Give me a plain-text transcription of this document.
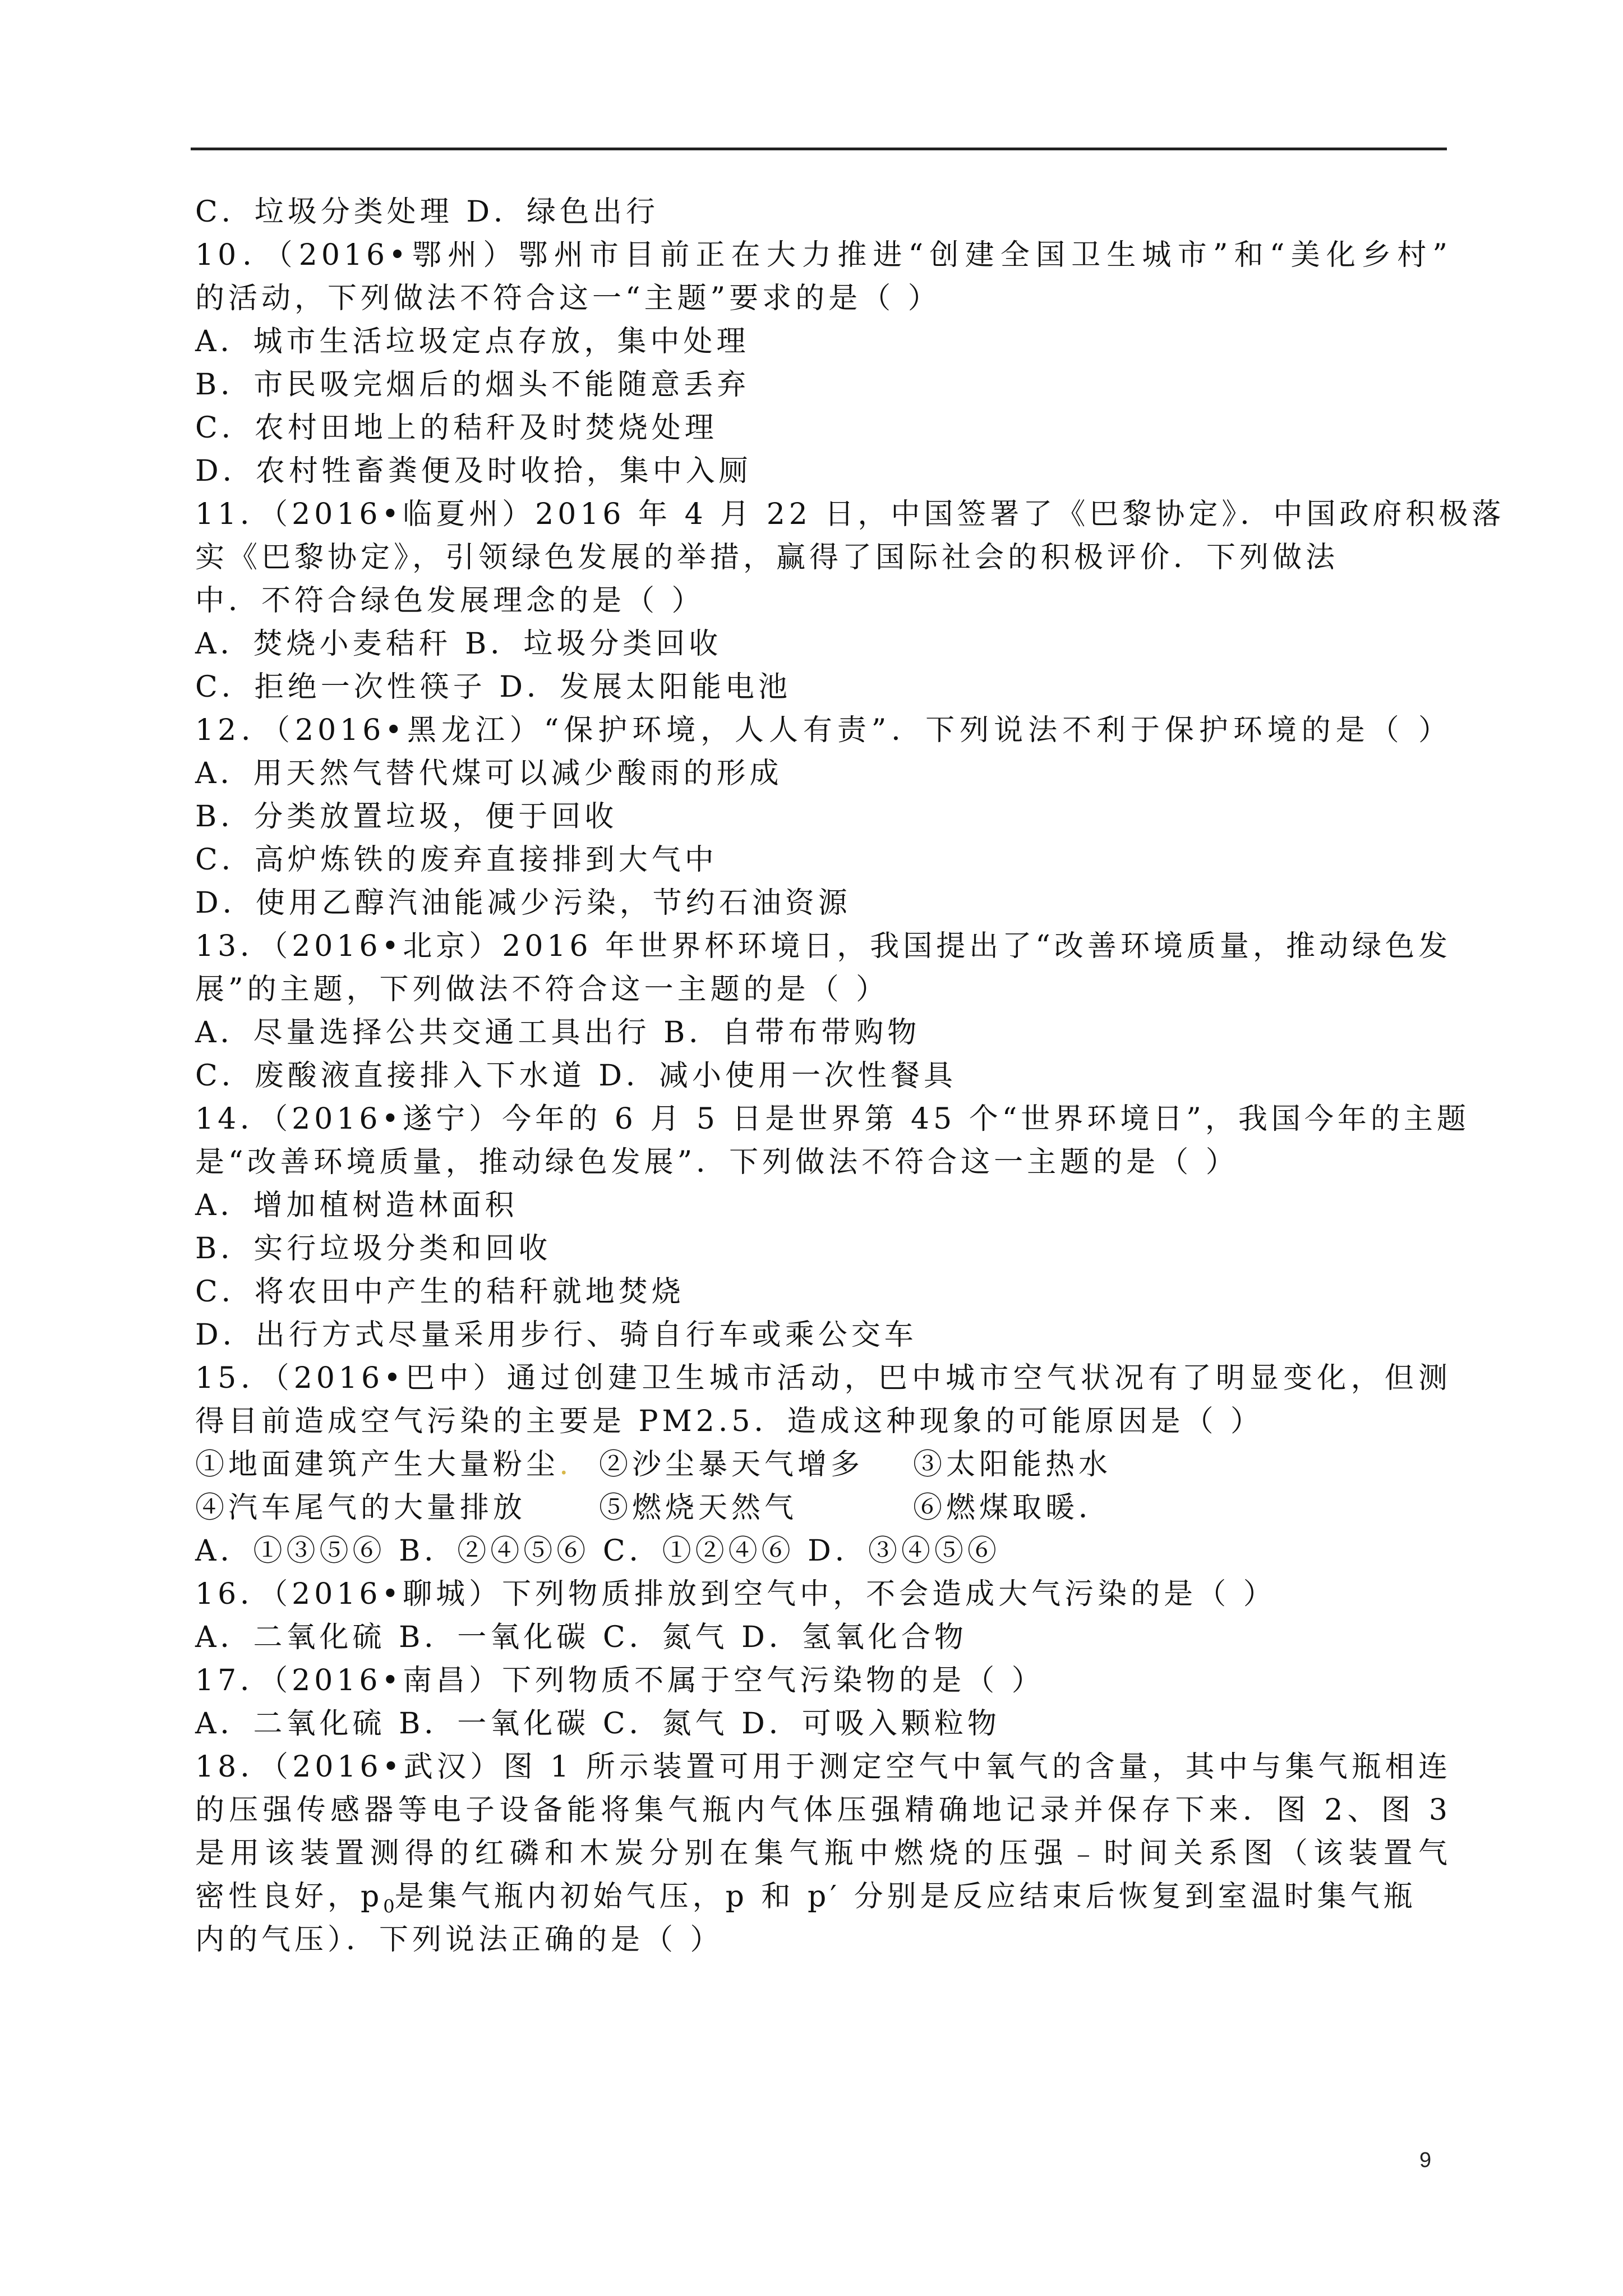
C．垃圾分类处理 D．绿色出行
10．（2016•鄂州）鄂州市目前正在大力推进“创建全国卫生城市”和“美化乡村”
的活动，下列做法不符合这一“主题”要求的是（ ）
A．城市生活垃圾定点存放，集中处理
B．市民吸完烟后的烟头不能随意丢弃
C．农村田地上的秸秆及时焚烧处理
D．农村牲畜粪便及时收拾，集中入厕
11．（2016•临夏州）2016 年 4 月 22 日，中国签署了《巴黎协定》．中国政府积极落
实《巴黎协定》，引领绿色发展的举措，赢得了国际社会的积极评价．下列做法
中．不符合绿色发展理念的是（ ）
A．焚烧小麦秸秆 B．垃圾分类回收
C．拒绝一次性筷子 D．发展太阳能电池
12．（2016•黑龙江）“保护环境，人人有责”．下列说法不利于保护环境的是（ ）
A．用天然气替代煤可以减少酸雨的形成
B．分类放置垃圾，便于回收
C．高炉炼铁的废弃直接排到大气中
D．使用乙醇汽油能减少污染，节约石油资源
13．（2016•北京）2016 年世界杯环境日，我国提出了“改善环境质量，推动绿色发
展”的主题，下列做法不符合这一主题的是（ ）
A．尽量选择公共交通工具出行 B．自带布带购物
C．废酸液直接排入下水道 D．减小使用一次性餐具
14．（2016•遂宁）今年的 6 月 5 日是世界第 45 个“世界环境日”，我国今年的主题
是“改善环境质量，推动绿色发展”．下列做法不符合这一主题的是（ ）
A．增加植树造林面积
B．实行垃圾分类和回收
C．将农田中产生的秸秆就地焚烧
D．出行方式尽量采用步行、骑自行车或乘公交车
15．（2016•巴中）通过创建卫生城市活动，巴中城市空气状况有了明显变化，但测
得目前造成空气污染的主要是 PM2.5．造成这种现象的可能原因是（ ）
①地面建筑产生大量粉尘. ②沙尘暴天气增多	③太阳能热水
④汽车尾气的大量排放	⑤燃烧天然气	⑥燃煤取暖．
A．①③⑤⑥ B．②④⑤⑥ C．①②④⑥ D．③④⑤⑥
16．（2016•聊城）下列物质排放到空气中，不会造成大气污染的是（ ）
A．二氧化硫 B．一氧化碳 C．氮气 D．氢氧化合物
17．（2016•南昌）下列物质不属于空气污染物的是（ ）
A．二氧化硫 B．一氧化碳 C．氮气 D．可吸入颗粒物
18．（2016•武汉）图 1 所示装置可用于测定空气中氧气的含量，其中与集气瓶相连
的压强传感器等电子设备能将集气瓶内气体压强精确地记录并保存下来．图 2、图 3
是用该装置测得的红磷和木炭分别在集气瓶中燃烧的压强﹣时间关系图（该装置气
密性良好，$p_0$是集气瓶内初始气压，p 和 p′ 分别是反应结束后恢复到室温时集气瓶
内的气压）．下列说法正确的是（ ）
9
